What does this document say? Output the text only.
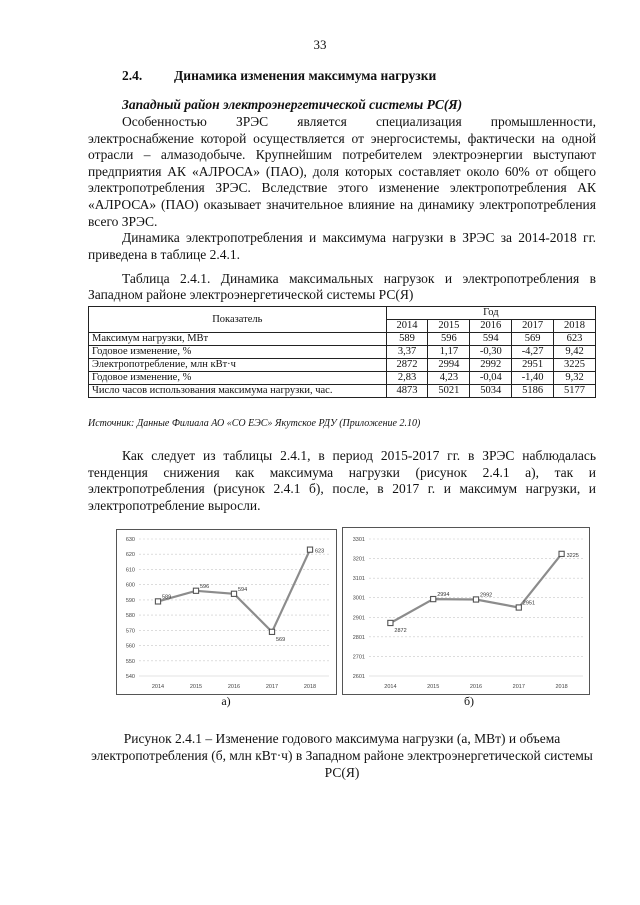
33
2.4. Динамика изменения максимума нагрузки
Западный район электроэнергетической системы РС(Я)

Особенностью ЗРЭС является специализация промышленности, электроснабжение которой осуществляется от энергосистемы, фактически на одной отрасли – алмазодобыче. Крупнейшим потребителем электроэнергии выступают предприятия АК «АЛРОСА» (ПАО), доля которых составляет около 60% от общего электропотребления ЗРЭС. Вследствие этого изменение электропотребления АК «АЛРОСА» (ПАО) оказывает значительное влияние на динамику электропотребления всего ЗРЭС.

Динамика электропотребления и максимума нагрузки в ЗРЭС за 2014-2018 гг. приведена в таблице 2.4.1.

Таблица 2.4.1. Динамика максимальных нагрузок и электропотребления в Западном районе электроэнергетической системы РС(Я)
Показатель	Год				
	2014	2015	2016	2017	2018
Максимум нагрузки, МВт	589	596	594	569	623
Годовое изменение, %	3,37	1,17	-0,30	-4,27	9,42
Электропотребление, млн кВт·ч	2872	2994	2992	2951	3225
Годовое изменение, %	2,83	4,23	-0,04	-1,40	9,32
Число часов использования максимума нагрузки, час.	4873	5021	5034	5186	5177
Источник: Данные Филиала АО «СО ЕЭС» Якутское РДУ (Приложение 2.10)

Как следует из таблицы 2.4.1, в период 2015-2017 гг. в ЗРЭС наблюдалась тенденция снижения как максимума нагрузки (рисунок 2.4.1 а), так и электропотребления (рисунок 2.4.1 б), после, в 2017 г. и максимум нагрузки, и электропотребление выросли.

540
550
560
570
580
590
600
610
620
630
2014	2015	2016	2017	2018
589
596
594
569
623
2601
2701
2801
2901
3001
3101
3201
3301
2014	2015	2016	2017	2018
2872
2994	2992
2951
3225
а)	б)
Рисунок 2.4.1 – Изменение годового максимума нагрузки (а, МВт) и объема электропотребления (б, млн кВт·ч) в Западном районе электроэнергетической системы РС(Я)
